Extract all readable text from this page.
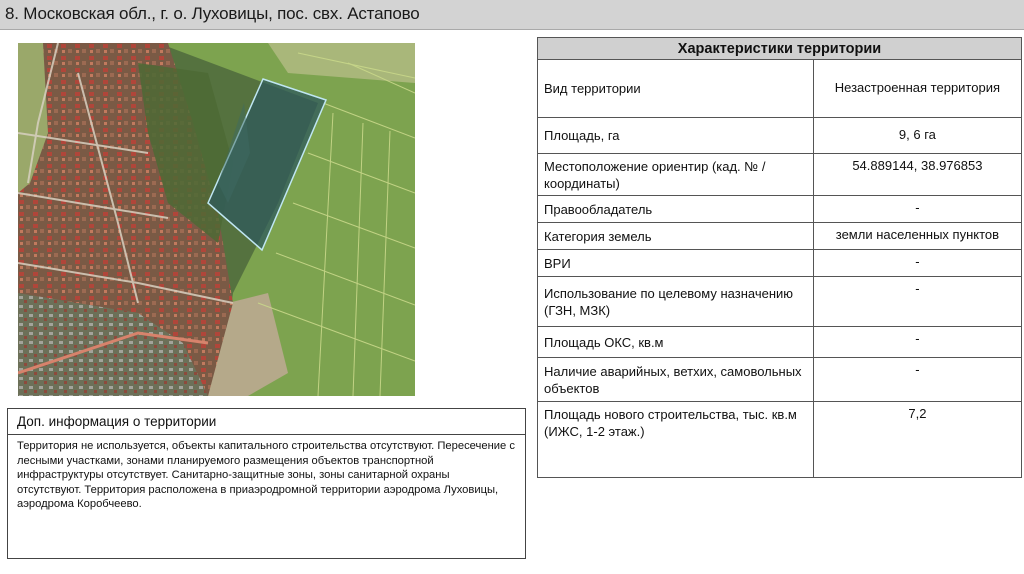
8. Московская обл., г. о. Луховицы, пос. свх. Астапово
Доп. информация о территории
Территория не используется, объекты капитального строительства отсутствуют. Пересечение с лесными участками, зонами планируемого размещения объектов транспортной инфраструктуры отсутствует. Санитарно-защитные зоны, зоны санитарной охраны отсутствуют. Территория расположена в приаэродромной территории аэродрома Луховицы, аэродрома Коробчеево.
Характеристики территории	
Вид территории	Незастроенная территория
Площадь, га	9, 6 га
Местоположение ориентир (кад. № / координаты)	54.889144, 38.976853
Правообладатель	-
Категория земель	земли населенных пунктов
ВРИ	-
Использование по целевому назначению (ГЗН, МЗК)	-
Площадь ОКС, кв.м	-
Наличие аварийных, ветхих, самовольных объектов	-
Площадь нового строительства, тыс. кв.м (ИЖС, 1-2 этаж.)	7,2
